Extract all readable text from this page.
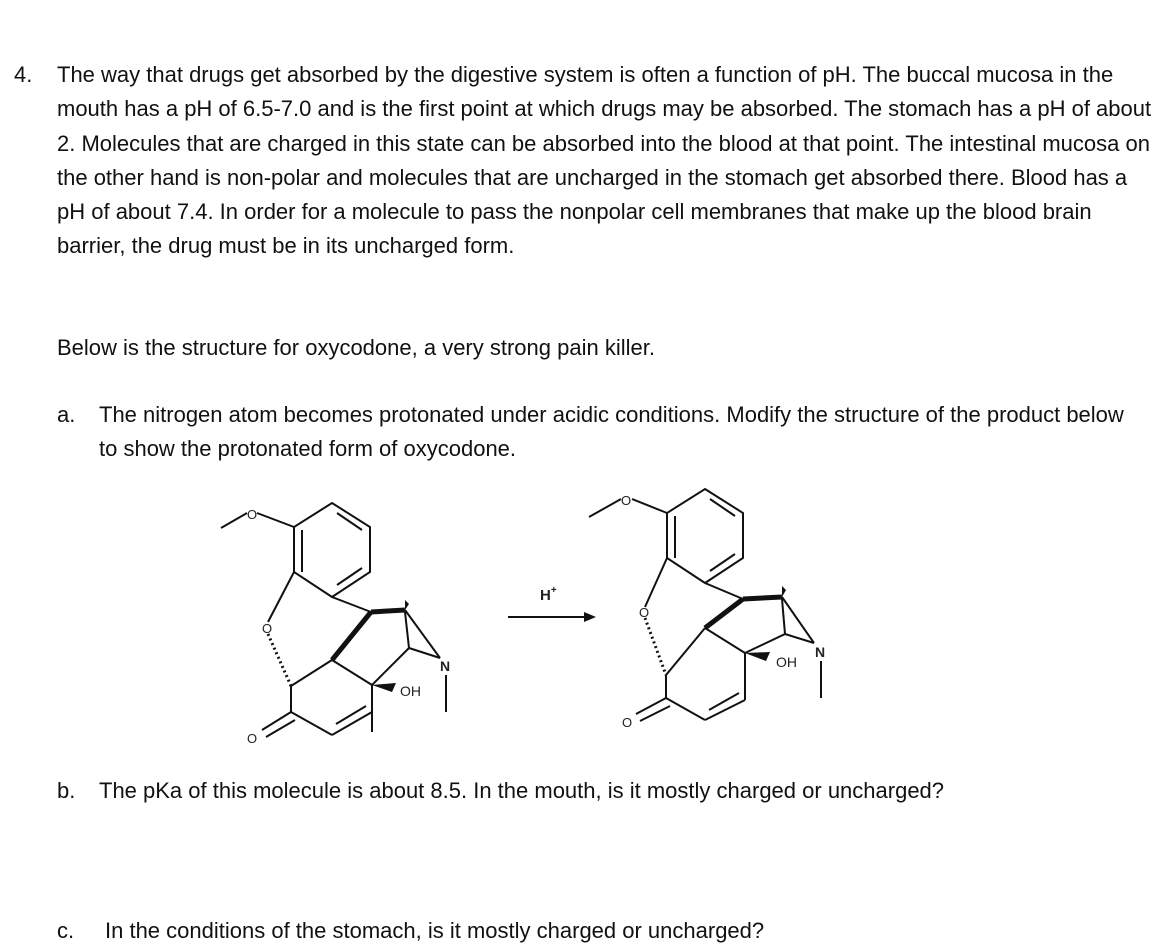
4. The way that drugs get absorbed by the digestive system is often a function of pH. The buccal mucosa in the mouth has a pH of 6.5-7.0 and is the first point at which drugs may be absorbed. The stomach has a pH of about 2. Molecules that are charged in this state can be absorbed into the blood at that point. The intestinal mucosa on the other hand is non-polar and molecules that are uncharged in the stomach get absorbed there. Blood has a pH of about 7.4. In order for a molecule to pass the nonpolar cell membranes that make up the blood brain barrier, the drug must be in its uncharged form.

Below is the structure for oxycodone, a very strong pain killer.

a. The nitrogen atom becomes protonated under acidic conditions. Modify the structure of the product below to show the protonated form of oxycodone.

O
O
O
OH
N
H+
O
O
O
OH
N
b. The pKa of this molecule is about 8.5. In the mouth, is it mostly charged or uncharged?

c. In the conditions of the stomach, is it mostly charged or uncharged?
